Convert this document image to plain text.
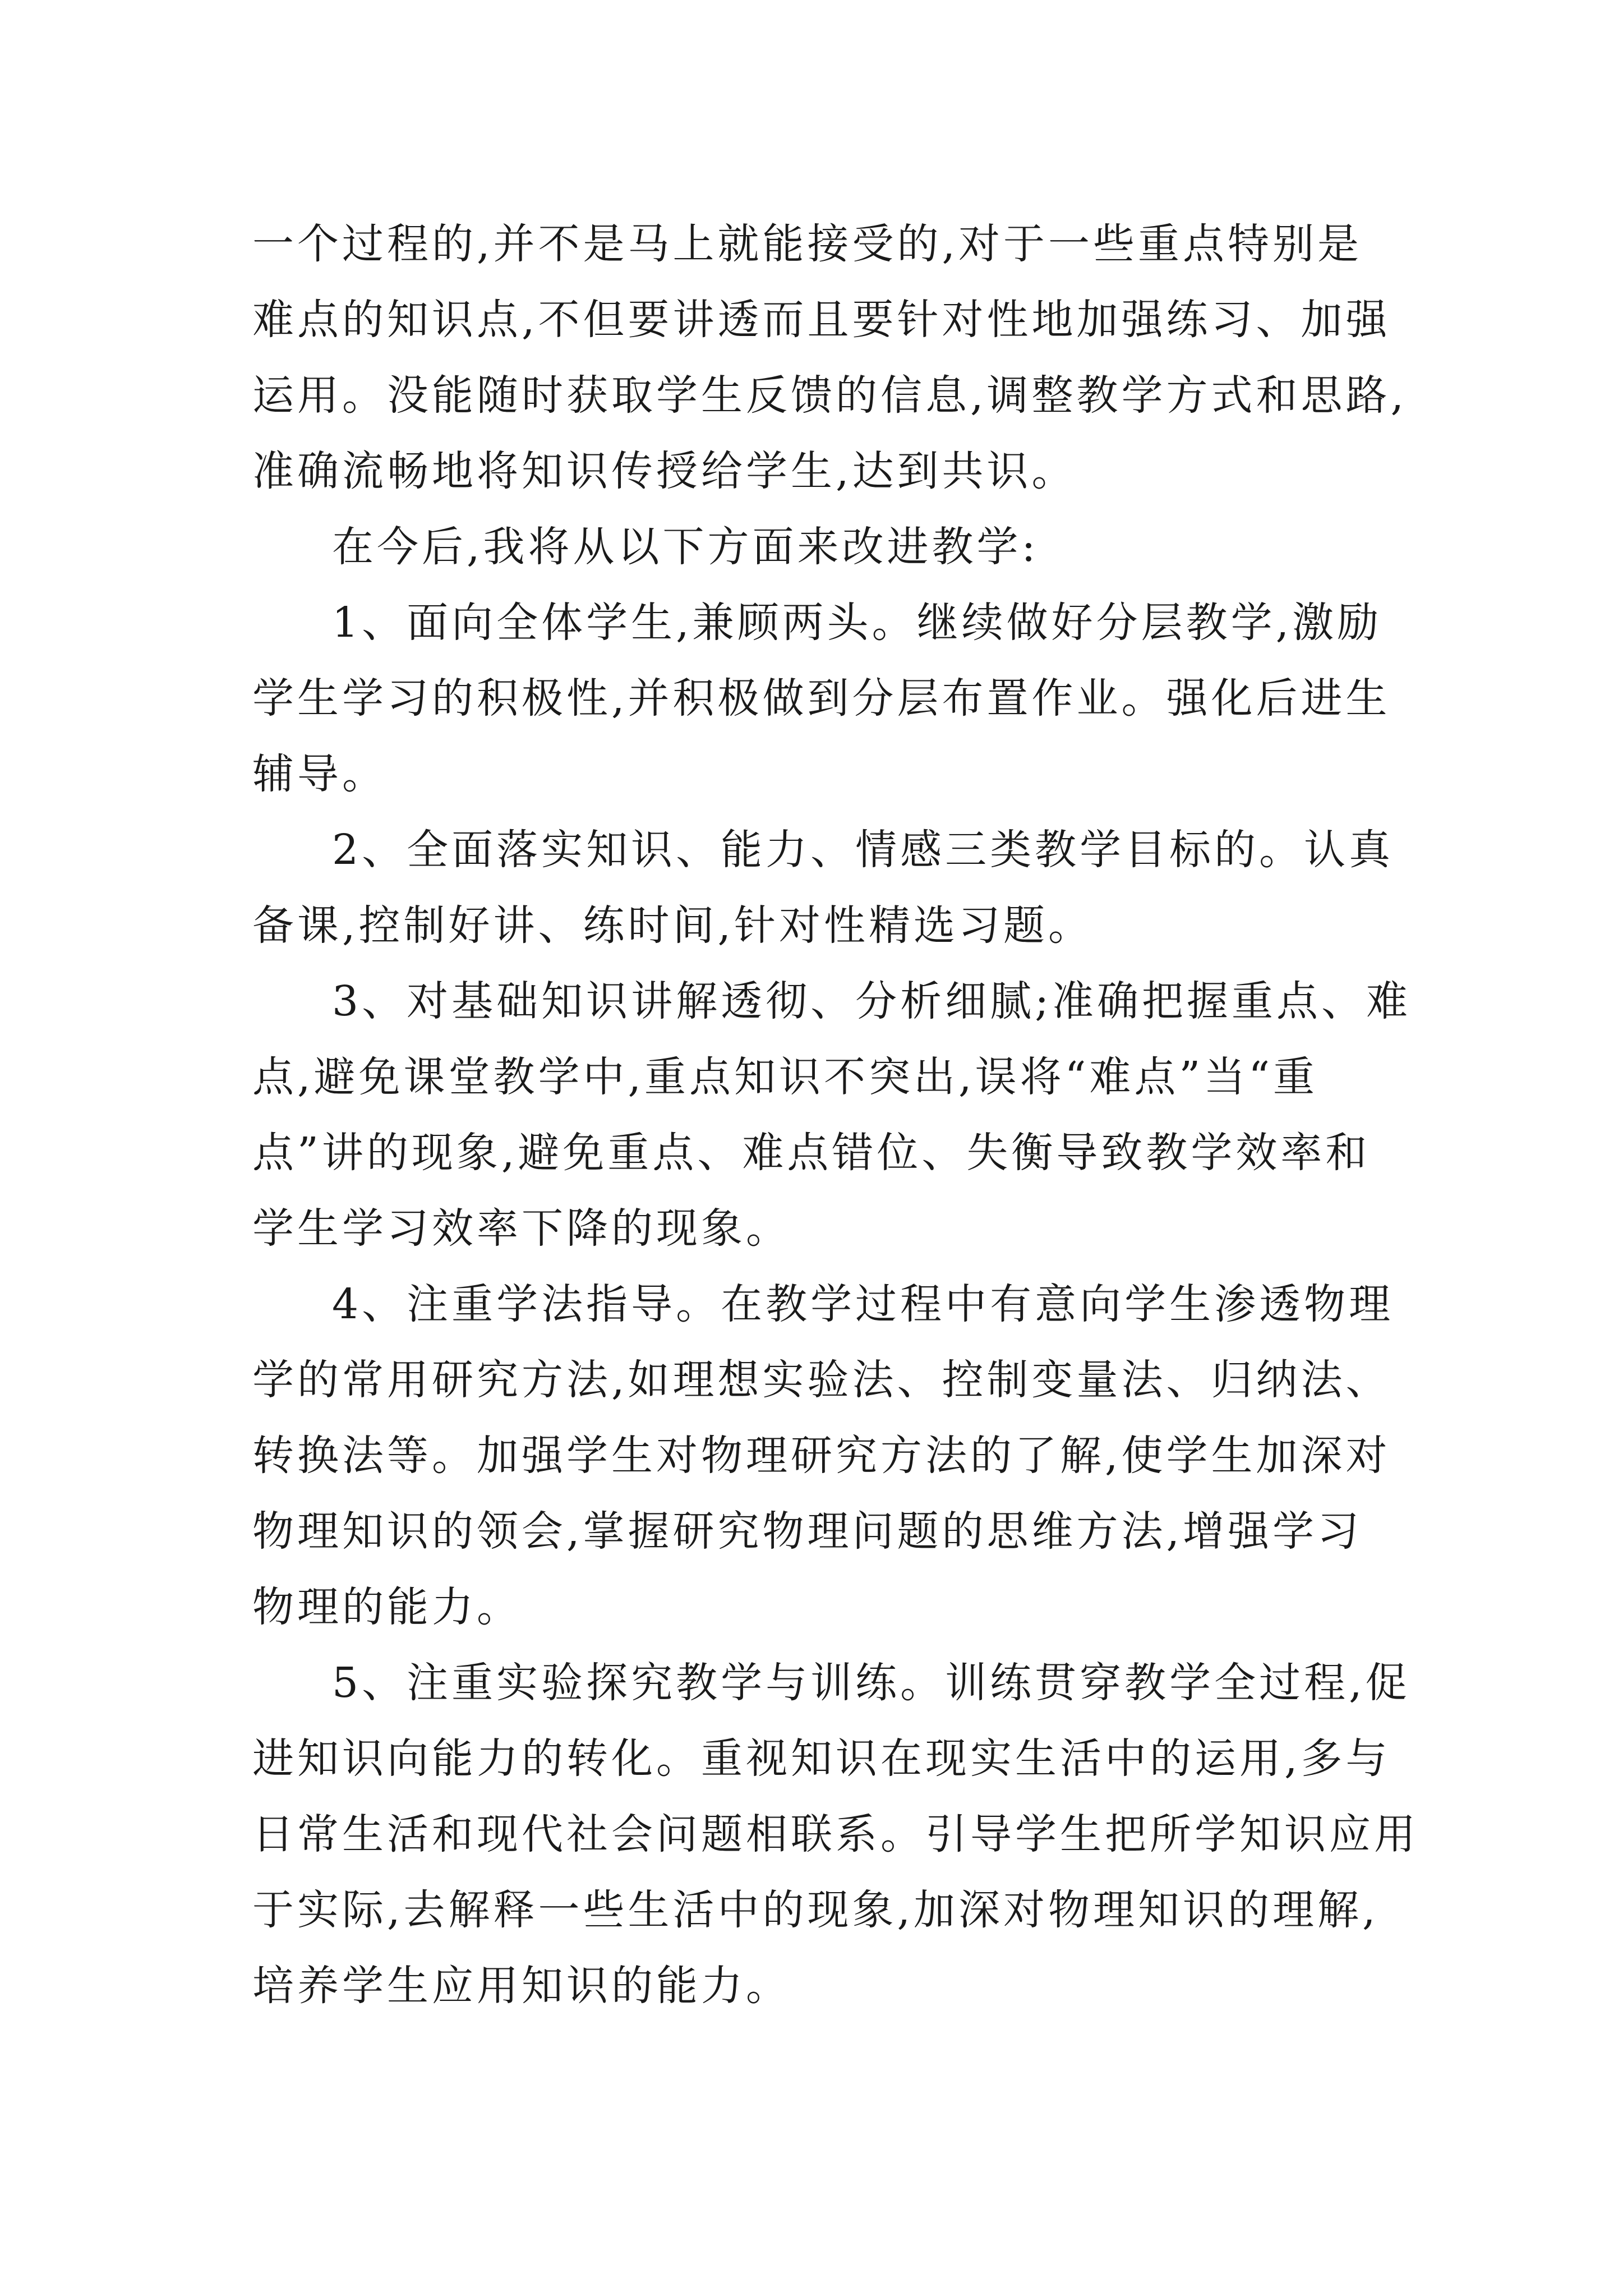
一个过程的,并不是马上就能接受的,对于一些重点特别是

难点的知识点,不但要讲透而且要针对性地加强练习、加强

运用。没能随时获取学生反馈的信息,调整教学方式和思路,

准确流畅地将知识传授给学生,达到共识。

在今后,我将从以下方面来改进教学:

1、面向全体学生,兼顾两头。继续做好分层教学,激励

学生学习的积极性,并积极做到分层布置作业。强化后进生

辅导。

2、全面落实知识、能力、情感三类教学目标的。认真

备课,控制好讲、练时间,针对性精选习题。

3、对基础知识讲解透彻、分析细腻;准确把握重点、难

点,避免课堂教学中,重点知识不突出,误将“难点”当“重

点”讲的现象,避免重点、难点错位、失衡导致教学效率和

学生学习效率下降的现象。

4、注重学法指导。在教学过程中有意向学生渗透物理

学的常用研究方法,如理想实验法、控制变量法、归纳法、

转换法等。加强学生对物理研究方法的了解,使学生加深对

物理知识的领会,掌握研究物理问题的思维方法,增强学习

物理的能力。

5、注重实验探究教学与训练。训练贯穿教学全过程,促

进知识向能力的转化。重视知识在现实生活中的运用,多与

日常生活和现代社会问题相联系。引导学生把所学知识应用

于实际,去解释一些生活中的现象,加深对物理知识的理解,

培养学生应用知识的能力。
